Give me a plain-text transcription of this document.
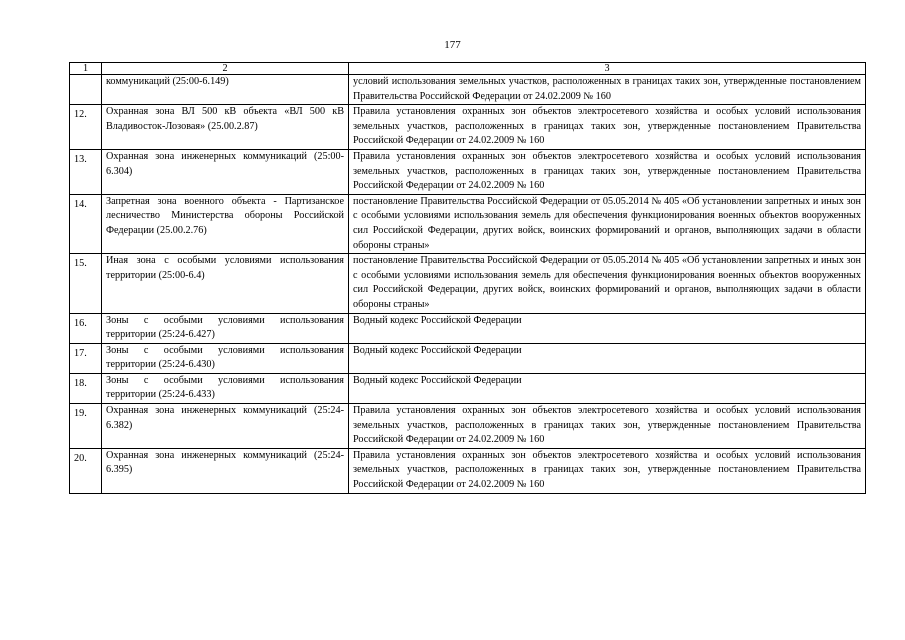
177
1	2	3

	коммуникаций (25:00-6.149)	условий использования земельных участков, расположенных в границах таких зон, утвержденные постановлением Правительства Российской Федерации от 24.02.2009 № 160

12.	Охранная зона ВЛ 500 кВ объекта «ВЛ 500 кВ Владивосток-Лозовая» (25.00.2.87)	Правила установления охранных зон объектов электросетевого хозяйства и особых условий использования земельных участков, расположенных в границах таких зон, утвержденные постановлением Правительства Российской Федерации от 24.02.2009 № 160

13.	Охранная зона инженерных коммуникаций (25:00-6.304)	Правила установления охранных зон объектов электросетевого хозяйства и особых условий использования земельных участков, расположенных в границах таких зон, утвержденные постановлением Правительства Российской Федерации от 24.02.2009 № 160

14.	Запретная зона военного объекта - Партизанское лесничество Министерства обороны Российской Федерации (25.00.2.76)	постановление Правительства Российской Федерации от 05.05.2014 № 405 «Об установлении запретных и иных зон с особыми условиями использования земель для обеспечения функционирования военных объектов вооруженных сил Российской Федерации, других войск, воинских формирований и органов, выполняющих задачи в области обороны страны»

15.	Иная зона с особыми условиями использования территории (25:00-6.4)	постановление Правительства Российской Федерации от 05.05.2014 № 405 «Об установлении запретных и иных зон с особыми условиями использования земель для обеспечения функционирования военных объектов вооруженных сил Российской Федерации, других войск, воинских формирований и органов, выполняющих задачи в области обороны страны»

16.	Зоны с особыми условиями использования территории (25:24-6.427)	Водный кодекс Российской Федерации

17.	Зоны с особыми условиями использования территории (25:24-6.430)	Водный кодекс Российской Федерации

18.	Зоны с особыми условиями использования территории (25:24-6.433)	Водный кодекс Российской Федерации

19.	Охранная зона инженерных коммуникаций (25:24-6.382)	Правила установления охранных зон объектов электросетевого хозяйства и особых условий использования земельных участков, расположенных в границах таких зон, утвержденные постановлением Правительства Российской Федерации от 24.02.2009 № 160

20.	Охранная зона инженерных коммуникаций (25:24-6.395)	Правила установления охранных зон объектов электросетевого хозяйства и особых условий использования земельных участков, расположенных в границах таких зон, утвержденные постановлением Правительства Российской Федерации от 24.02.2009 № 160
